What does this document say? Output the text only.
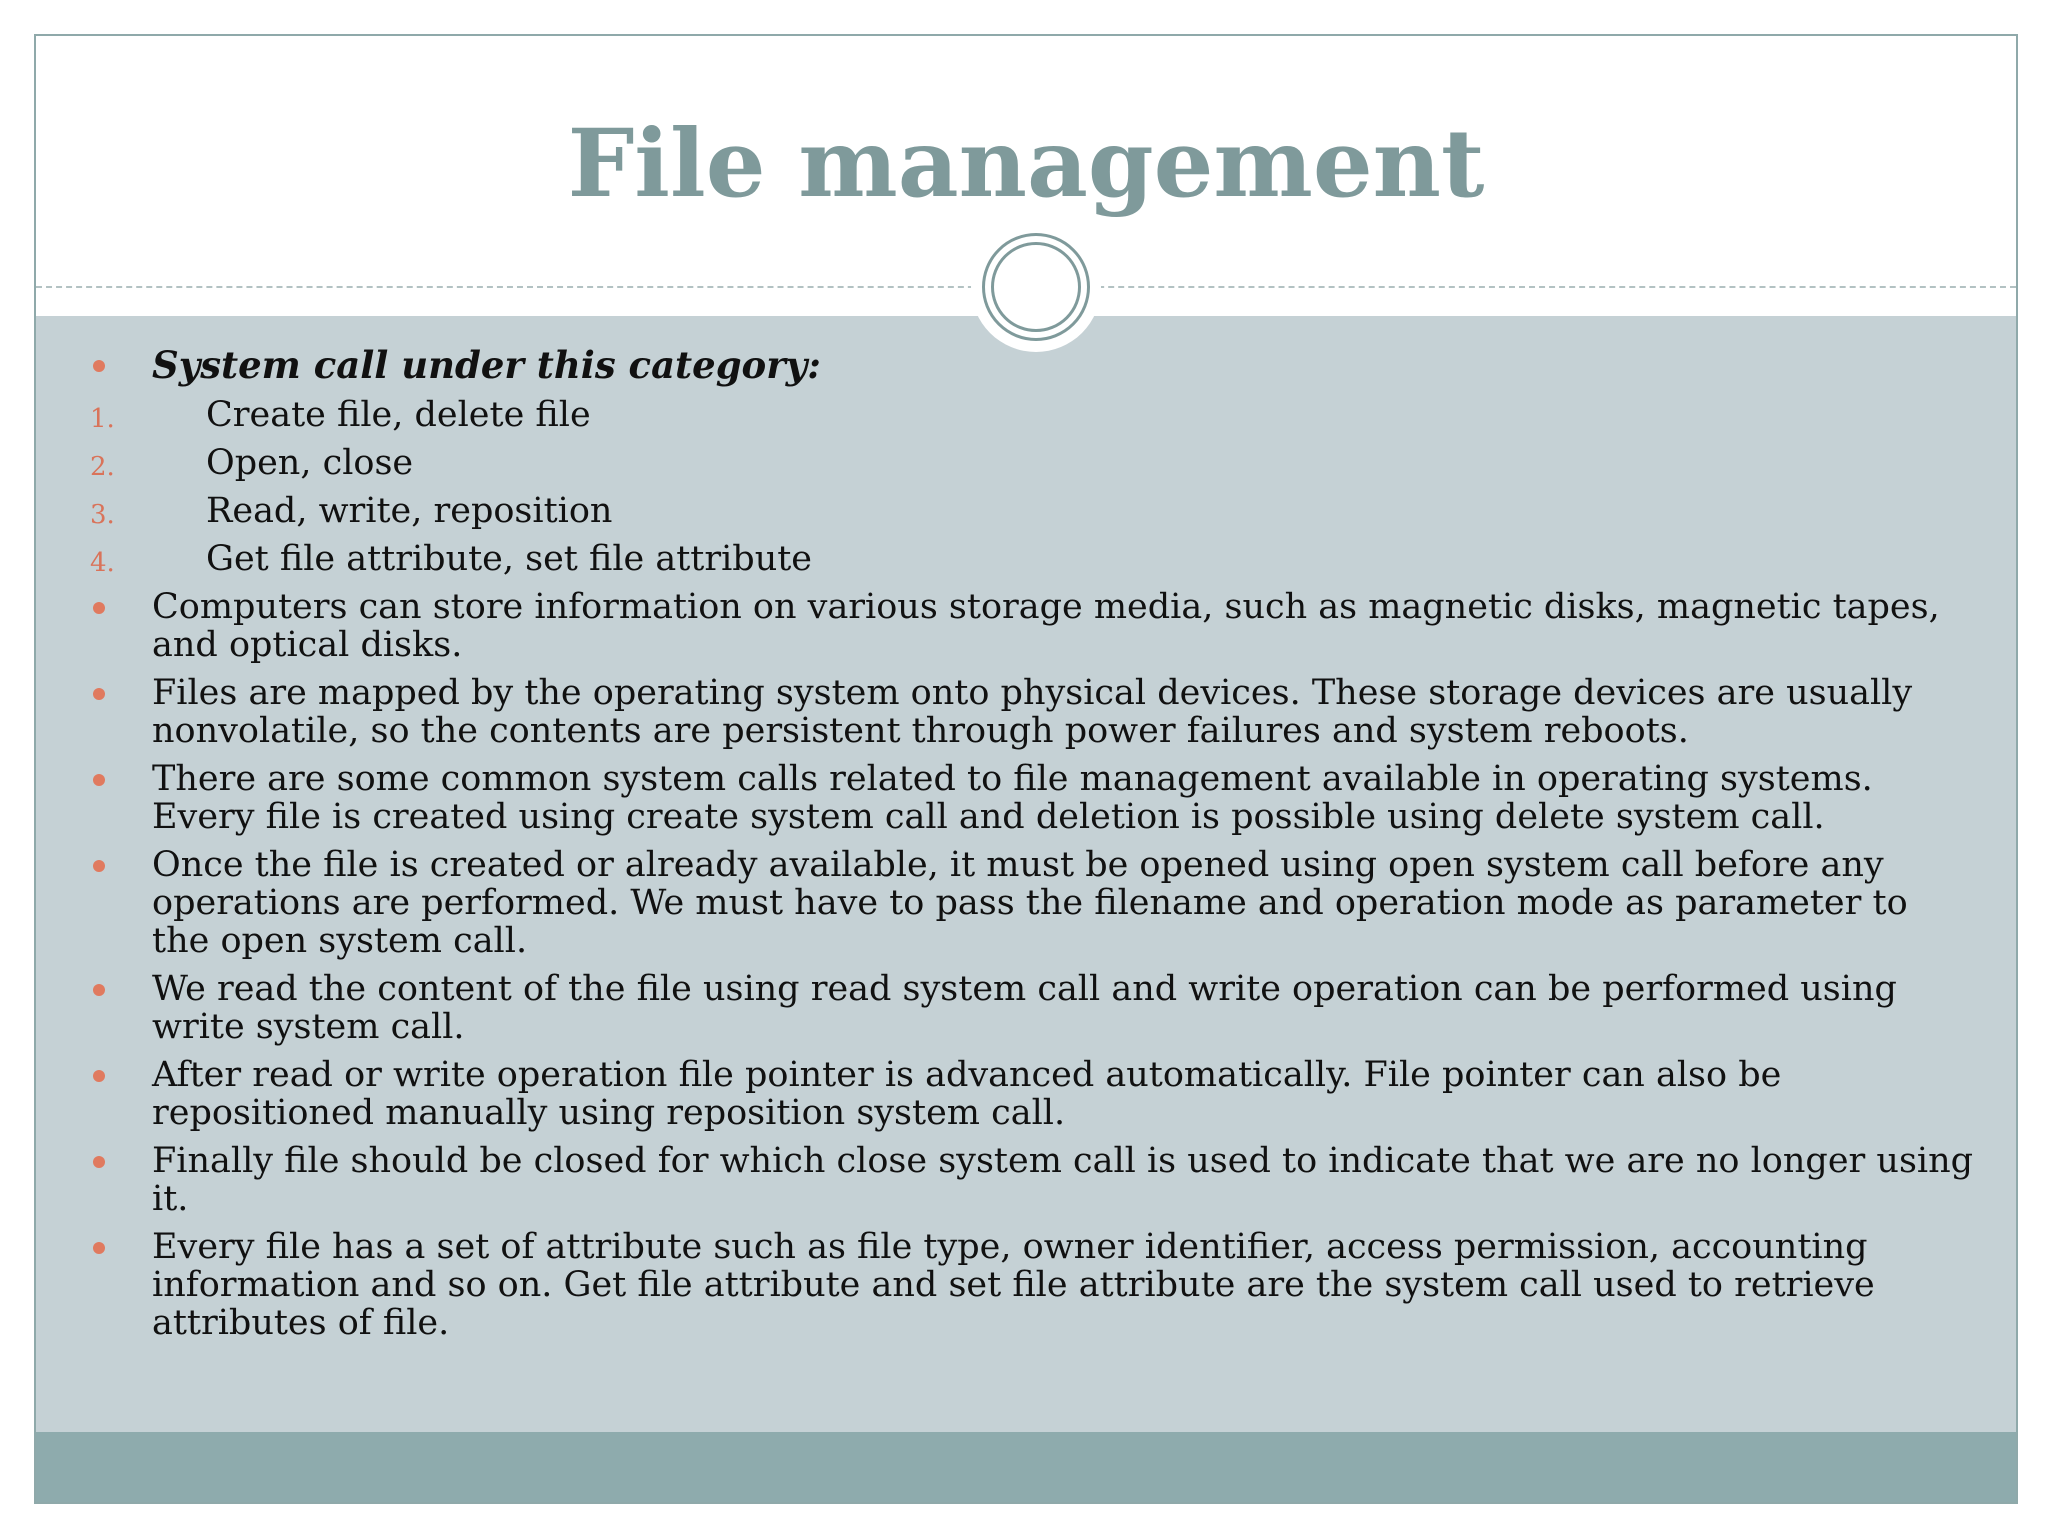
File management
System call under this category:
1.	Create file, delete file
2.	Open, close
3.	Read, write, reposition
4.	Get file attribute, set file attribute
Computers can store information on various storage media, such as magnetic disks, magnetic tapes, and optical disks.
Files are mapped by the operating system onto physical devices. These storage devices are usually nonvolatile, so the contents are persistent through power failures and system reboots.
There are some common system calls related to file management available in operating systems. Every file is created using create system call and deletion is possible using delete system call.
Once the file is created or already available, it must be opened using open system call before any operations are performed. We must have to pass the filename and operation mode as parameter to the open system call.
We read the content of the file using read system call and write operation can be performed using write system call.
After read or write operation file pointer is advanced automatically. File pointer can also be repositioned manually using reposition system call.
Finally file should be closed for which close system call is used to indicate that we are no longer using it.
Every file has a set of attribute such as file type, owner identifier, access permission, accounting information and so on. Get file attribute and set file attribute are the system call used to retrieve attributes of file.
